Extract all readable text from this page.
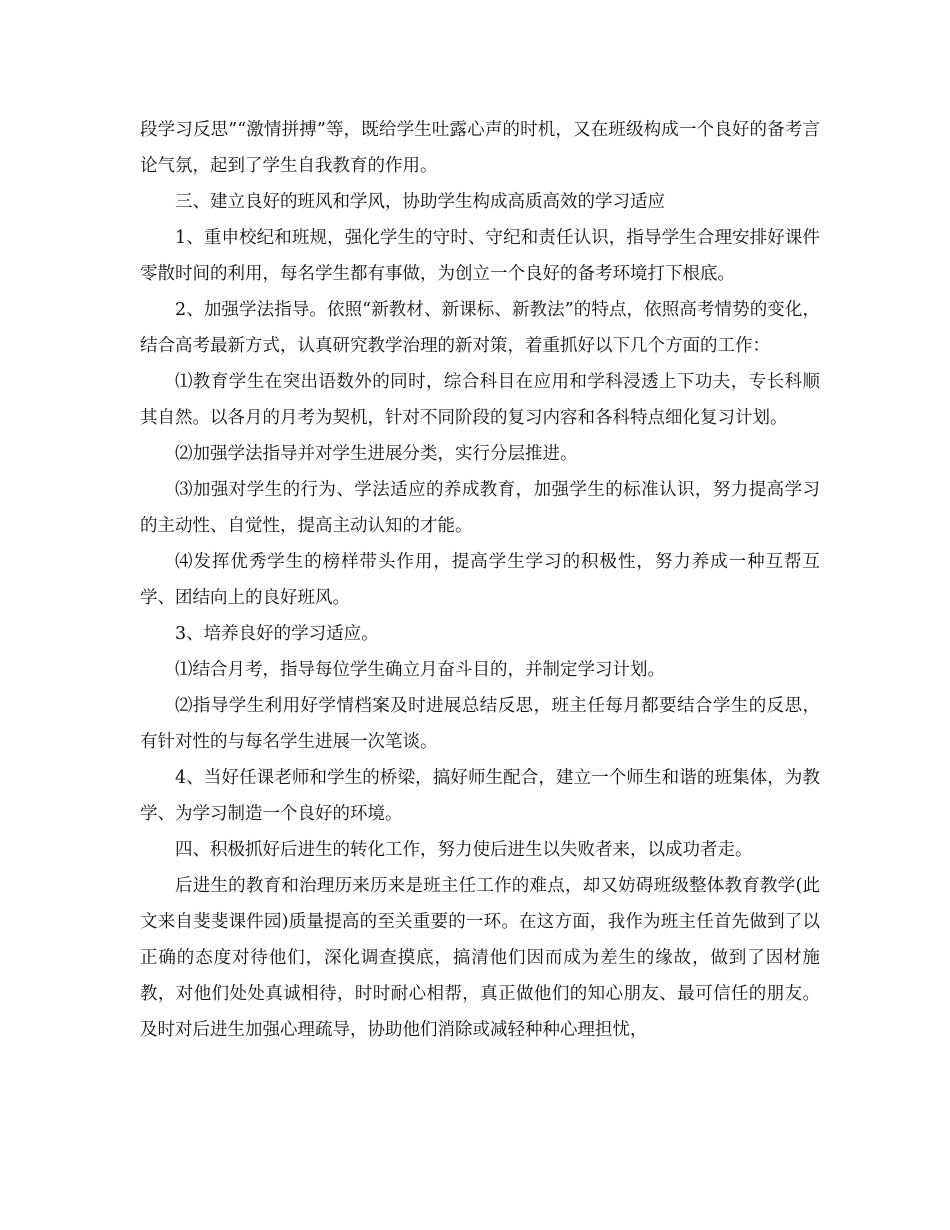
段学习反思”“激情拼搏”等，既给学生吐露心声的时机，又在班级构成一个良好的备考言论气氛，起到了学生自我教育的作用。

三、建立良好的班风和学风，协助学生构成高质高效的学习适应

1、重申校纪和班规，强化学生的守时、守纪和责任认识，指导学生合理安排好课件零散时间的利用，每名学生都有事做，为创立一个良好的备考环境打下根底。

2、加强学法指导。依照“新教材、新课标、新教法”的特点，依照高考情势的变化，结合高考最新方式，认真研究教学治理的新对策，着重抓好以下几个方面的工作：

⑴教育学生在突出语数外的同时，综合科目在应用和学科浸透上下功夫，专长科顺其自然。以各月的月考为契机，针对不同阶段的复习内容和各科特点细化复习计划。

⑵加强学法指导并对学生进展分类，实行分层推进。

⑶加强对学生的行为、学法适应的养成教育，加强学生的标准认识，努力提高学习的主动性、自觉性，提高主动认知的才能。

⑷发挥优秀学生的榜样带头作用，提高学生学习的积极性，努力养成一种互帮互学、团结向上的良好班风。

3、培养良好的学习适应。

⑴结合月考，指导每位学生确立月奋斗目的，并制定学习计划。

⑵指导学生利用好学情档案及时进展总结反思，班主任每月都要结合学生的反思，有针对性的与每名学生进展一次笔谈。

4、当好任课老师和学生的桥梁，搞好师生配合，建立一个师生和谐的班集体，为教学、为学习制造一个良好的环境。

四、积极抓好后进生的转化工作，努力使后进生以失败者来，以成功者走。

后进生的教育和治理历来历来是班主任工作的难点，却又妨碍班级整体教育教学(此文来自斐斐课件园)质量提高的至关重要的一环。在这方面，我作为班主任首先做到了以正确的态度对待他们，深化调查摸底，搞清他们因而成为差生的缘故，做到了因材施教，对他们处处真诚相待，时时耐心相帮，真正做他们的知心朋友、最可信任的朋友。及时对后进生加强心理疏导，协助他们消除或减轻种种心理担忧，
